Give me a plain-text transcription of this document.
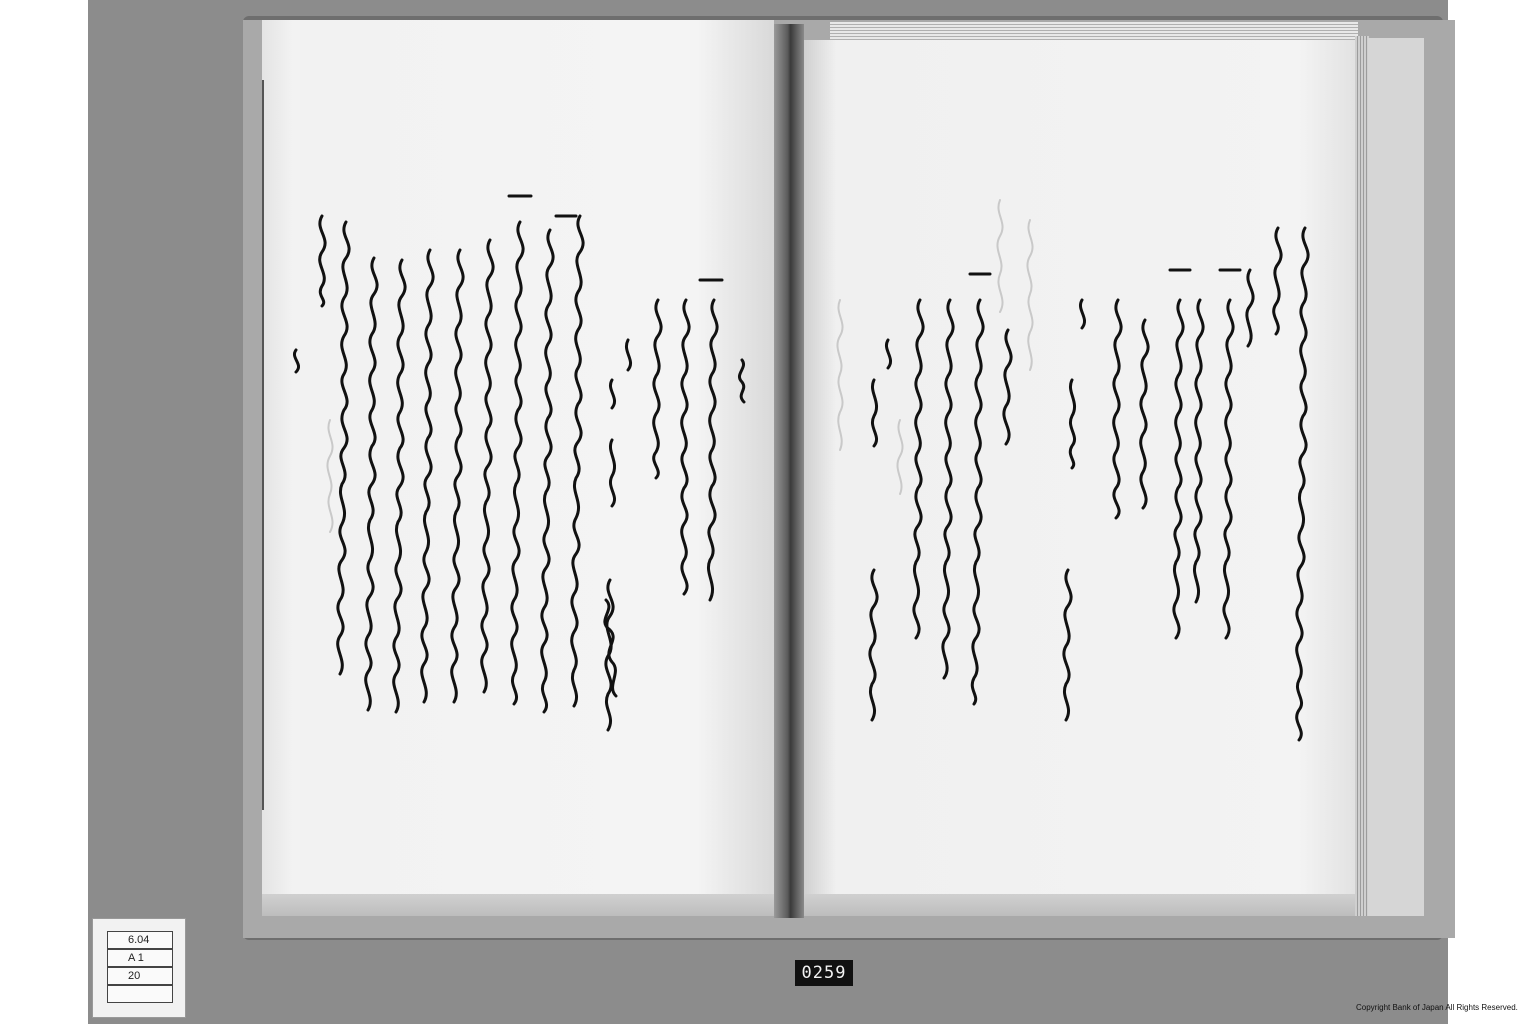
6.04
A 1
20	0259
Copyright Bank of Japan All Rights Reserved.
